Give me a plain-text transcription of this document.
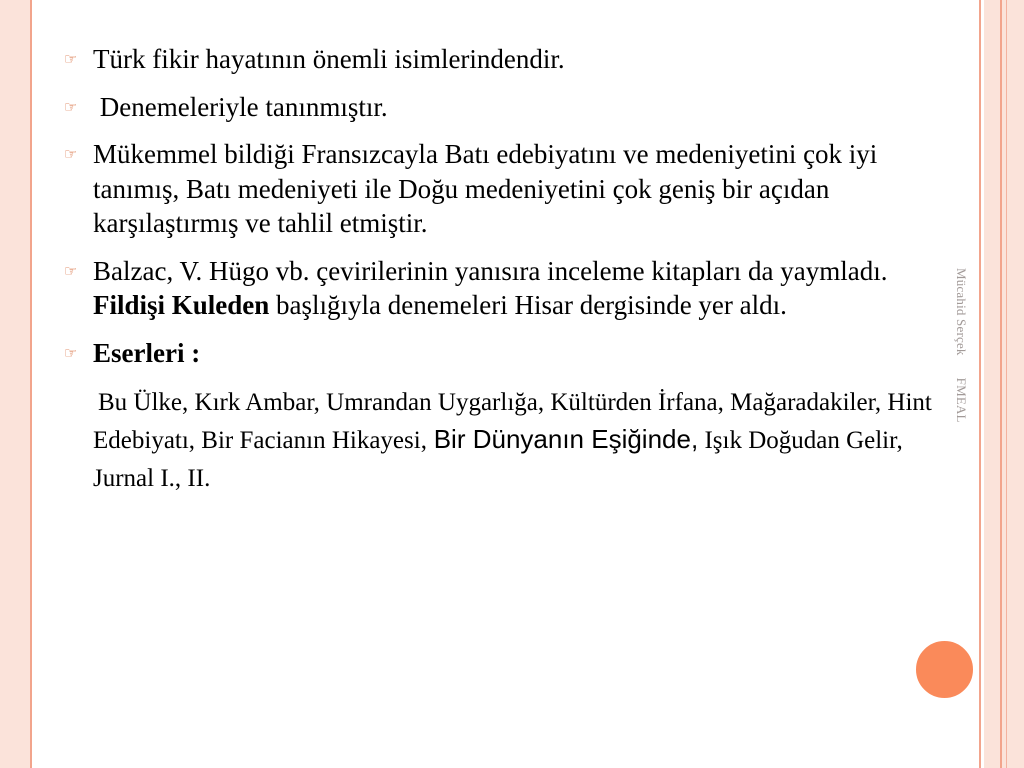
Mücahid SerçekFMEAL
☞ Türk fikir hayatının önemli isimlerindendir.
☞ Denemeleriyle tanınmıştır.
☞ Mükemmel bildiği Fransızcayla Batı edebiyatını ve medeniyetini çok iyi tanımış, Batı medeniyeti ile Doğu medeniyetini çok geniş bir açıdan karşılaştırmış ve tahlil etmiştir.
☞ Balzac, V. Hügo vb. çevirilerinin yanısıra inceleme kitapları da yaymladı. Fildişi Kuleden başlığıyla denemeleri Hisar dergisinde yer aldı.
☞ Eserleri :
Bu Ülke, Kırk Ambar, Umrandan Uygarlığa, Kültürden İrfana, Mağaradakiler, Hint Edebiyatı, Bir Facianın Hikayesi, Bir Dünyanın Eşiğinde, Işık Doğudan Gelir, Jurnal I., II.
